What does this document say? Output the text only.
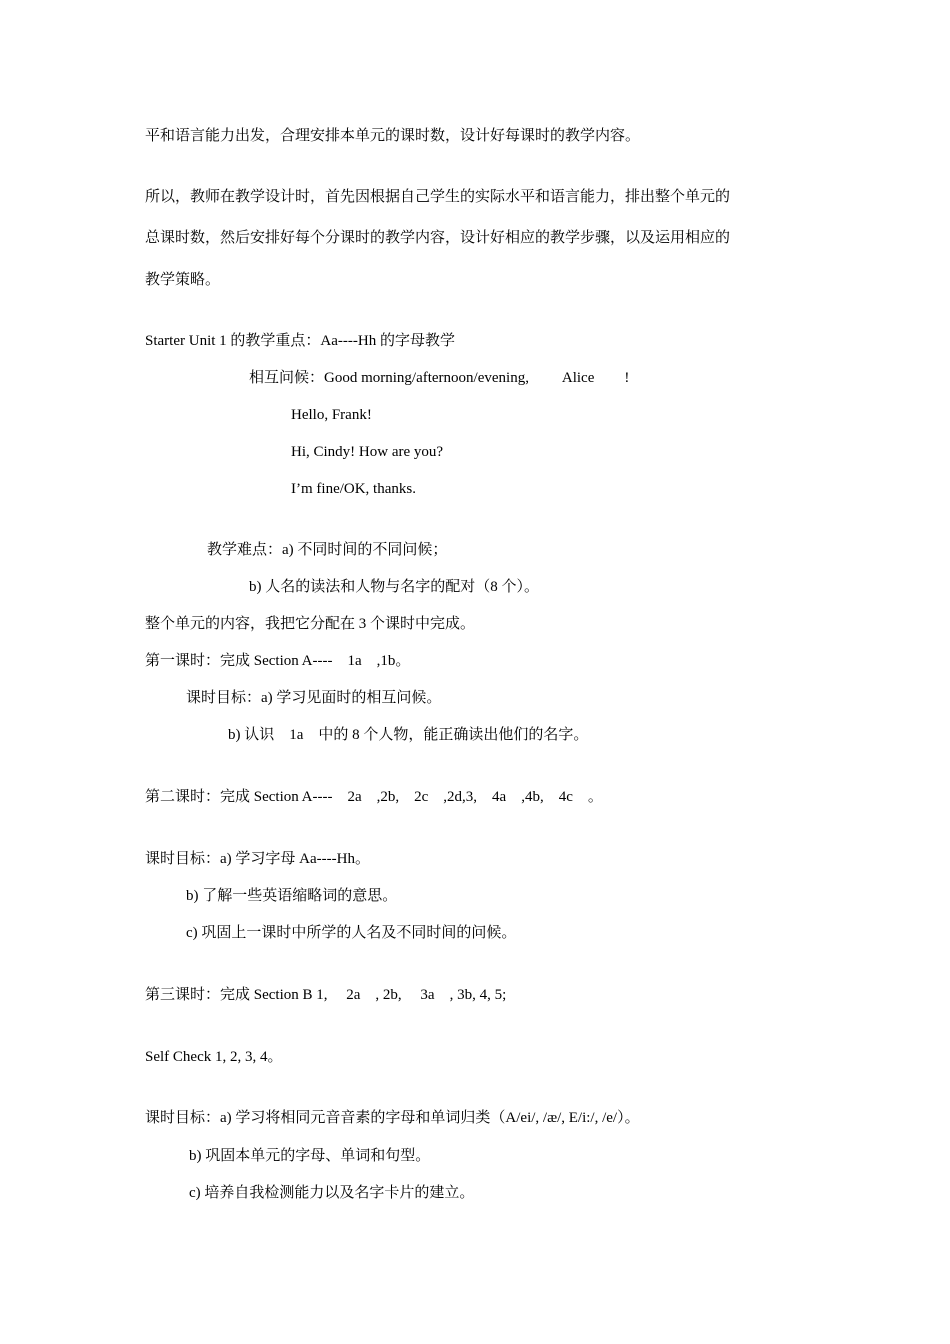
平和语言能力出发，合理安排本单元的课时数，设计好每课时的教学内容。
所以，教师在教学设计时，首先因根据自己学生的实际水平和语言能力，排出整个单元的
总课时数，然后安排好每个分课时的教学内容，设计好相应的教学步骤，以及运用相应的
教学策略。
Starter Unit 1 的教学重点：Aa----Hh 的字母教学
相互问候：Good morning/afternoon/evening,         Alice        !
Hello, Frank!
Hi, Cindy! How are you?
I’m fine/OK, thanks.
教学难点：a) 不同时间的不同问候；
b) 人名的读法和人物与名字的配对（8 个）。
整个单元的内容，我把它分配在 3 个课时中完成。
第一课时：完成 Section A----    1a    ,1b。
课时目标：a) 学习见面时的相互问候。
b) 认识    1a    中的 8 个人物，能正确读出他们的名字。
第二课时：完成 Section A----    2a    ,2b,    2c    ,2d,3,    4a    ,4b,    4c    。
课时目标：a) 学习字母 Aa----Hh。
b) 了解一些英语缩略词的意思。
c) 巩固上一课时中所学的人名及不同时间的问候。
第三课时：完成 Section B 1,     2a    , 2b,     3a    , 3b, 4, 5;
Self Check 1, 2, 3, 4。
课时目标：a) 学习将相同元音音素的字母和单词归类（A/ei/, /æ/, E/i:/, /e/）。
b) 巩固本单元的字母、单词和句型。
c) 培养自我检测能力以及名字卡片的建立。
